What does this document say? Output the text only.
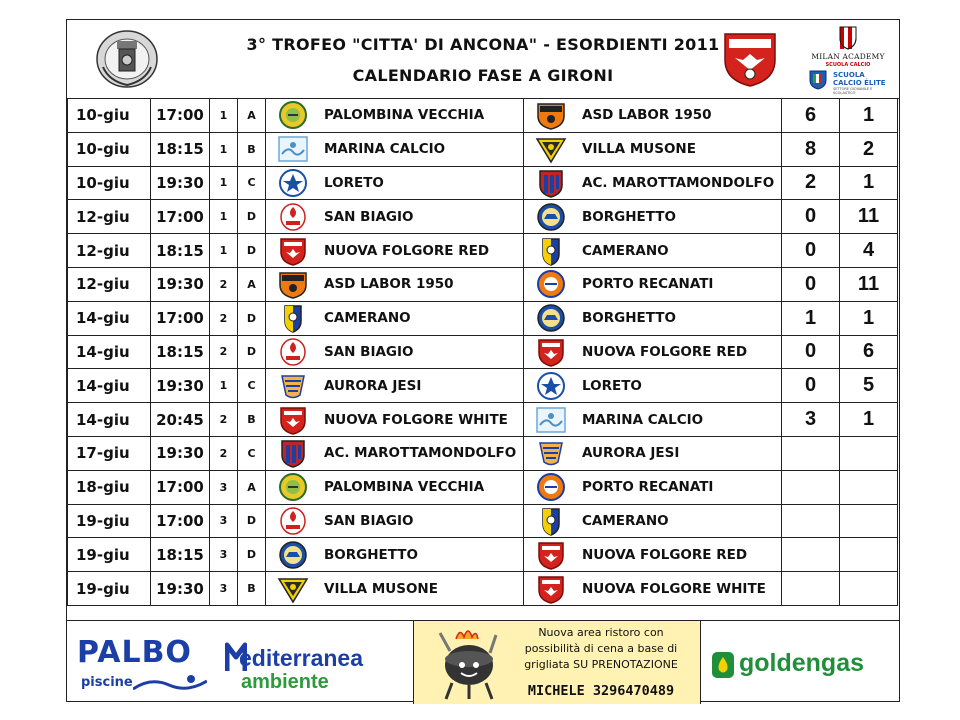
3° TROFEO "CITTA' DI ANCONA" - ESORDIENTI 2011
CALENDARIO FASE A GIRONI
MILAN ACADEMY
SCUOLA CALCIO
SCUOLA
CALCIO ÉLITE
SETTORE GIOVANILE E SCOLASTICO
10-giu	17:00	1	A	PALOMBINA VECCHIA	ASD LABOR 1950	6	1
10-giu	18:15	1	B	MARINA CALCIO	VILLA MUSONE	8	2
10-giu	19:30	1	C	LORETO	AC. MAROTTAMONDOLFO	2	1
12-giu	17:00	1	D	SAN BIAGIO	BORGHETTO	0	11
12-giu	18:15	1	D	NUOVA FOLGORE RED	CAMERANO	0	4
12-giu	19:30	2	A	ASD LABOR 1950	PORTO RECANATI	0	11
14-giu	17:00	2	D	CAMERANO	BORGHETTO	1	1
14-giu	18:15	2	D	SAN BIAGIO	NUOVA FOLGORE RED	0	6
14-giu	19:30	1	C	AURORA JESI	LORETO	0	5
14-giu	20:45	2	B	NUOVA FOLGORE WHITE	MARINA CALCIO	3	1
17-giu	19:30	2	C	AC. MAROTTAMONDOLFO	AURORA JESI		

18-giu	17:00	3	A	PALOMBINA VECCHIA	PORTO RECANATI		

19-giu	17:00	3	D	SAN BIAGIO	CAMERANO		

19-giu	18:15	3	D	BORGHETTO	NUOVA FOLGORE RED		

19-giu	19:30	3	B	VILLA MUSONE	NUOVA FOLGORE WHITE		

PALBO
piscine
editerranea
ambiente
Nuova area ristoro con
possibilità di cena a base di
grigliata SU PRENOTAZIONE
MICHELE 3296470489
goldengas
